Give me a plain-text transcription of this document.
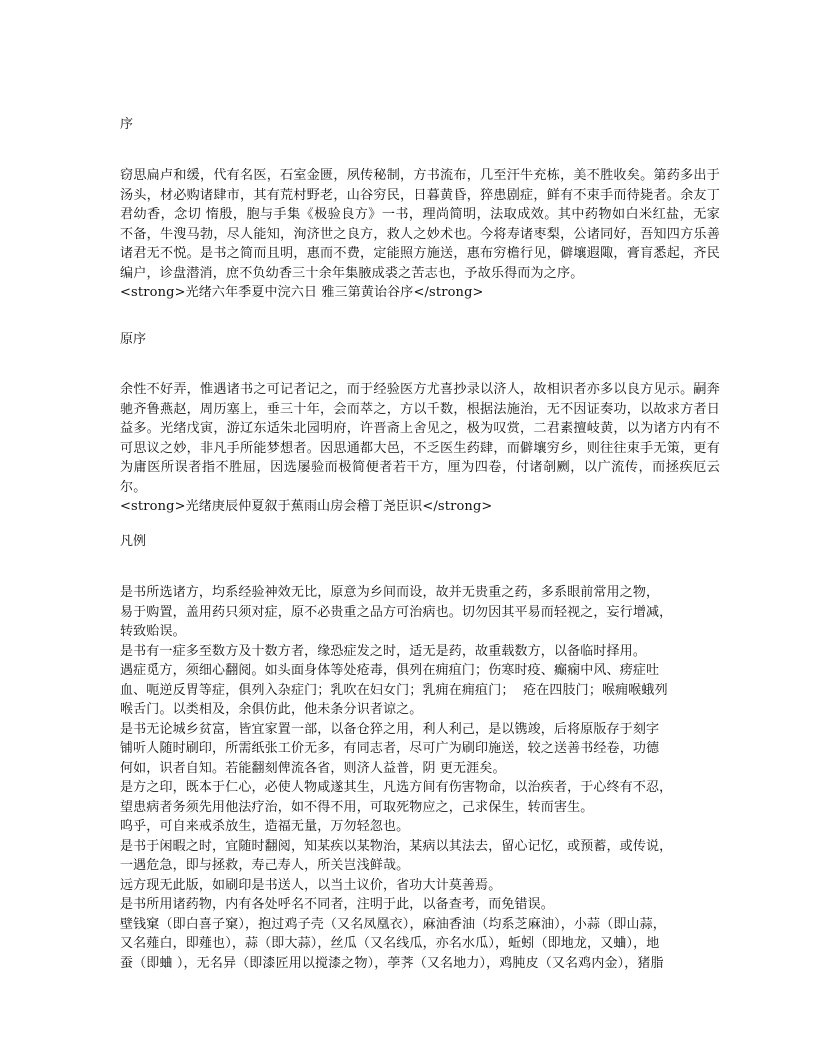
序
窃思扁卢和缓，代有名医，石室金匮，夙传秘制，方书流布，几至汗牛充栋，美不胜收矣。第药多出于汤头，材必购诸肆市，其有荒村野老，山谷穷民，日暮黄昏，猝患剧症，鲜有不束手而待毙者。余友丁君幼香，念切 惰殷，胞与手集《极验良方》一书，理尚简明，法取成效。其中药物如白米红盐，无家不备，牛溲马勃，尽人能知，洵济世之良方，救人之妙术也。今将寿诸枣梨，公诸同好，吾知四方乐善诸君无不悦。是书之简而且明，惠而不费，定能照方施送，惠布穷檐行见，僻壤遐陬，膏肓悉起，齐民编户，诊盘潜消，庶不负幼香三十余年集腋成裘之苦志也，予故乐得而为之序。
<strong>光绪六年季夏中浣六日 雅三第黄诒谷序</strong>
原序
余性不好弄，惟遇诸书之可记者记之，而于经验医方尤喜抄录以济人，故相识者亦多以良方见示。嗣奔驰齐鲁燕赵，周历塞上，垂三十年，会而萃之，方以千数，根据法施治，无不因证奏功，以故求方者日益多。光绪戊寅，游辽东适朱北园明府，许晋斋上舍见之，极为叹赏，二君素擅岐黄，以为诸方内有不可思议之妙，非凡手所能梦想者。因思通都大邑，不乏医生药肆，而僻壤穷乡，则往往束手无策，更有为庸医所误者指不胜屈，因选屡验而极简便者若干方，厘为四卷，付诸剞劂，以广流传，而拯疾厄云尔。
<strong>光绪庚辰仲夏叙于蕉雨山房会稽丁尧臣识</strong>
凡例
是书所选诸方，均系经验神效无比，原意为乡间而设，故并无贵重之药，多系眼前常用之物，
易于购置，盖用药只须对症，原不必贵重之品方可治病也。切勿因其平易而轻视之，妄行增减，
转致贻误。
是书有一症多至数方及十数方者，缘恐症发之时，适无是药，故重载数方，以备临时择用。
遇症觅方，须细心翻阅。如头面身体等处疮毒，俱列在痈疽门；伤寒时疫、癫痫中风、痨症吐
血、呃逆反胃等症，俱列入杂症门；乳吹在妇女门；乳痈在痈疽门；  疮在四肢门；喉痈喉蛾列
喉舌门。以类相及，余俱仿此，他未条分识者谅之。
是书无论城乡贫富，皆宜家置一部，以备仓猝之用，利人利己，是以镌竣，后将原版存于刻字
铺听人随时刷印，所需纸张工价无多，有同志者，尽可广为刷印施送，较之送善书经卷，功德
何如，识者自知。若能翻刻俾流各省，则济人益普，阴 更无涯矣。
是方之印，既本于仁心，必使人物咸遂其生，凡选方间有伤害物命，以治疾者，于心终有不忍，
望患病者务须先用他法疗治，如不得不用，可取死物应之，己求保生，转而害生。
呜乎，可自来戒杀放生，造福无量，万勿轻忽也。
是书于闲暇之时，宜随时翻阅，知某疾以某物治，某病以其法去，留心记忆，或预蓄，或传说，
一遇危急，即与拯救，寿己寿人，所关岂浅鲜哉。
远方现无此版，如刷印是书送人，以当土议价，省功大计莫善焉。
是书所用诸药物，内有各处呼名不同者，注明于此，以备查考，而免错误。
壁钱窠（即白喜子窠），抱过鸡子壳（又名凤凰衣），麻油香油（均系芝麻油），小蒜（即山蒜，
又名薤白，即薤也），蒜（即大蒜），丝瓜（又名线瓜，亦名水瓜），蚯蚓（即地龙，又蛐），地
蚕（即蛐 ），无名异（即漆匠用以搅漆之物），荸荠（又名地力），鸡肫皮（又名鸡内金），猪脂
